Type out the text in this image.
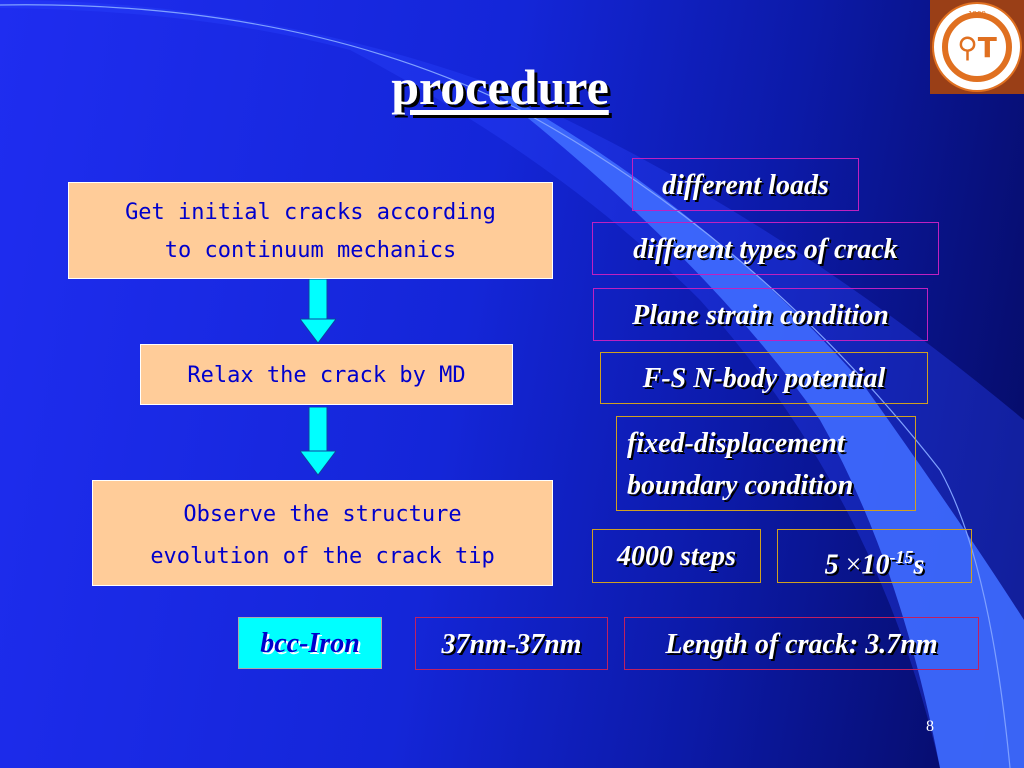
procedure
⚲T
1909
Get initial cracks according
to continuum mechanics
Relax the crack by MD
Observe the structure
evolution of the crack tip
different loads
different types of crack
Plane strain condition
F-S N-body potential
fixed-displacement
boundary condition
4000 steps	$5 \times 10^{-15}s$
bcc-Iron	37nm-37nm	Length of crack: 3.7nm
8
